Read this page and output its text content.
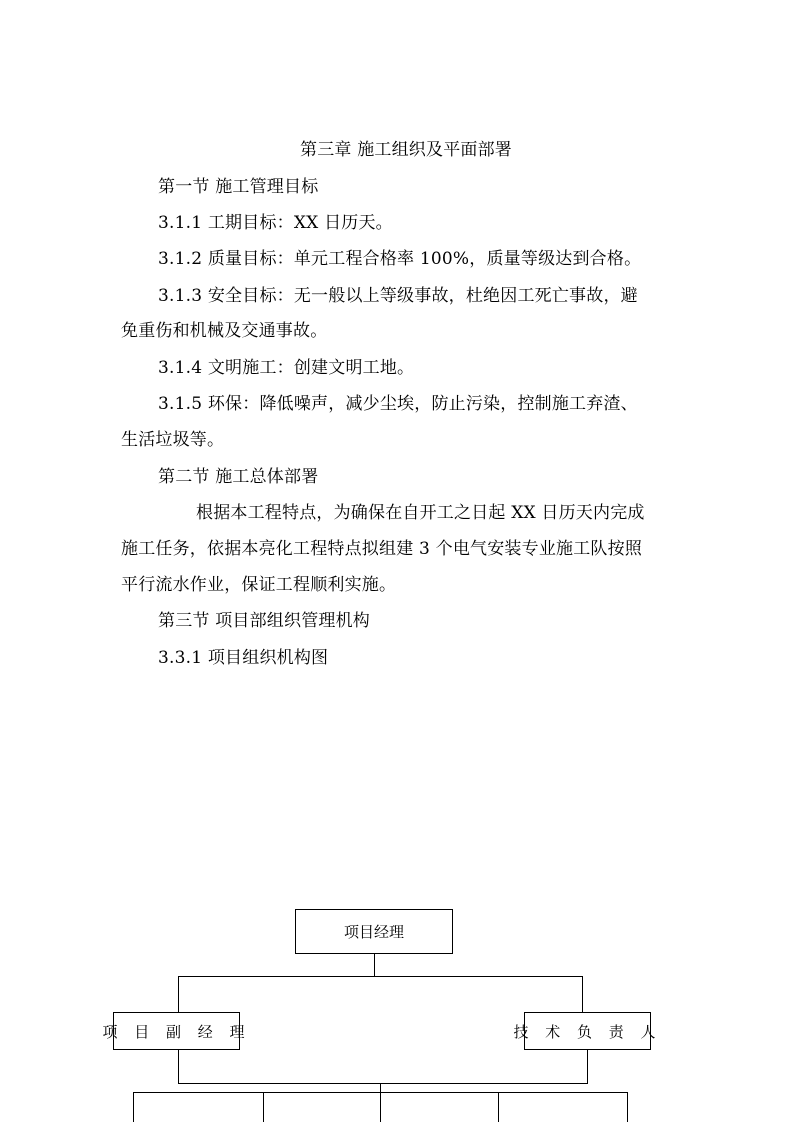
第三章 施工组织及平面部署
第一节 施工管理目标
3.1.1 工期目标：XX 日历天。
3.1.2 质量目标：单元工程合格率 100%，质量等级达到合格。
3.1.3 安全目标：无一般以上等级事故，杜绝因工死亡事故，避
免重伤和机械及交通事故。
3.1.4 文明施工：创建文明工地。
3.1.5 环保：降低噪声，减少尘埃，防止污染，控制施工弃渣、
生活垃圾等。
第二节 施工总体部署
根据本工程特点，为确保在自开工之日起 XX 日历天内完成
施工任务，依据本亮化工程特点拟组建 3 个电气安装专业施工队按照
平行流水作业，保证工程顺利实施。
第三节 项目部组织管理机构
3.3.1 项目组织机构图
项目经理
项 目 副 经 理	技 术 负 责 人
